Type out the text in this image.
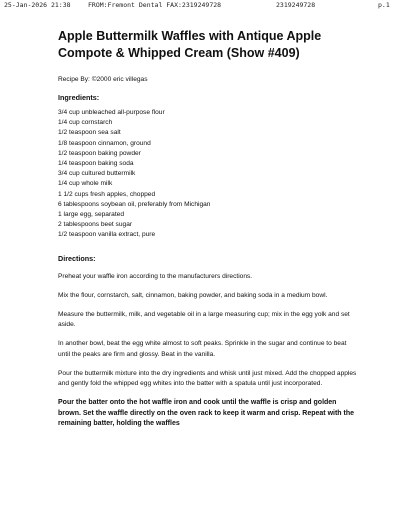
25-Jan-2026 21:38	FROM:Fremont Dental FAX:2319249728	2319249728	p.1
Apple Buttermilk Waffles with Antique Apple Compote & Whipped Cream (Show #409)

Recipe By: ©2000 eric villegas

Ingredients:

3/4 cup unbleached all-purpose flour
1/4 cup cornstarch
1/2 teaspoon sea salt
1/8 teaspoon cinnamon, ground
1/2 teaspoon baking powder
1/4 teaspoon baking soda
3/4 cup cultured buttermilk
1/4 cup whole milk
1 1/2 cups fresh apples, chopped
6 tablespoons soybean oil, preferably from Michigan
1 large egg, separated
2 tablespoons beet sugar
1/2 teaspoon vanilla extract, pure

Directions:

Preheat your waffle iron according to the manufacturers directions.

Mix the flour, cornstarch, salt, cinnamon, baking powder, and baking soda in a medium bowl.

Measure the buttermilk, milk, and vegetable oil in a large measuring cup; mix in the egg yolk and set aside.

In another bowl, beat the egg white almost to soft peaks. Sprinkle in the sugar and continue to beat until the peaks are firm and glossy. Beat in the vanilla.

Pour the buttermilk mixture into the dry ingredients and whisk until just mixed. Add the chopped apples and gently fold the whipped egg whites into the batter with a spatula until just incorporated.

Pour the batter onto the hot waffle iron and cook until the waffle is crisp and golden brown. Set the waffle directly on the oven rack to keep it warm and crisp. Repeat with the remaining batter, holding the waffles
